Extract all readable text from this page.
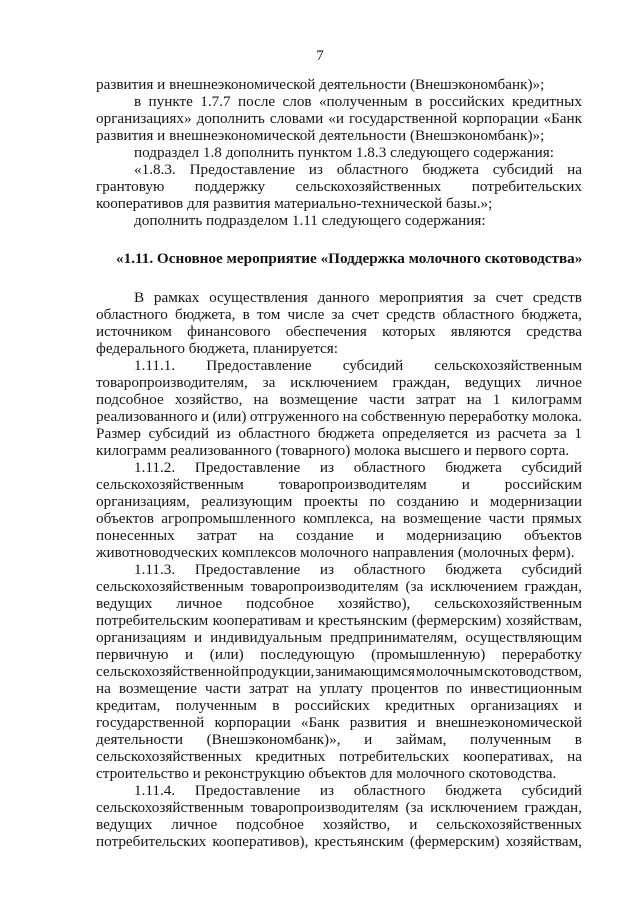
7
развития и внешнеэкономической деятельности (Внешэкономбанк)»;
в пункте 1.7.7 после слов «полученным в российских кредитных
организациях» дополнить словами «и государственной корпорации «Банк
развития и внешнеэкономической деятельности (Внешэкономбанк)»;
подраздел 1.8 дополнить пунктом 1.8.3 следующего содержания:
«1.8.3. Предоставление из областного бюджета субсидий на
грантовую поддержку сельскохозяйственных потребительских
кооперативов для развития материально-технической базы.»;
дополнить подразделом 1.11 следующего содержания:
«1.11. Основное мероприятие «Поддержка молочного скотоводства»
В рамках осуществления данного мероприятия за счет средств
областного бюджета, в том числе за счет средств областного бюджета,
источником финансового обеспечения которых являются средства
федерального бюджета, планируется:
1.11.1. Предоставление субсидий сельскохозяйственным
товаропроизводителям, за исключением граждан, ведущих личное
подсобное хозяйство, на возмещение части затрат на 1 килограмм
реализованного и (или) отгруженного на собственную переработку молока.
Размер субсидий из областного бюджета определяется из расчета за 1
килограмм реализованного (товарного) молока высшего и первого сорта.
1.11.2. Предоставление из областного бюджета субсидий
сельскохозяйственным товаропроизводителям и российским
организациям, реализующим проекты по созданию и модернизации
объектов агропромышленного комплекса, на возмещение части прямых
понесенных затрат на создание и модернизацию объектов
животноводческих комплексов молочного направления (молочных ферм).
1.11.3. Предоставление из областного бюджета субсидий
сельскохозяйственным товаропроизводителям (за исключением граждан,
ведущих личное подсобное хозяйство), сельскохозяйственным
потребительским кооперативам и крестьянским (фермерским) хозяйствам,
организациям и индивидуальным предпринимателям, осуществляющим
первичную и (или) последующую (промышленную) переработку
сельскохозяйственной продукции, занимающимся молочным скотоводством,
на возмещение части затрат на уплату процентов по инвестиционным
кредитам, полученным в российских кредитных организациях и
государственной корпорации «Банк развития и внешнеэкономической
деятельности (Внешэкономбанк)», и займам, полученным в
сельскохозяйственных кредитных потребительских кооперативах, на
строительство и реконструкцию объектов для молочного скотоводства.
1.11.4. Предоставление из областного бюджета субсидий
сельскохозяйственным товаропроизводителям (за исключением граждан,
ведущих личное подсобное хозяйство, и сельскохозяйственных
потребительских кооперативов), крестьянским (фермерским) хозяйствам,
